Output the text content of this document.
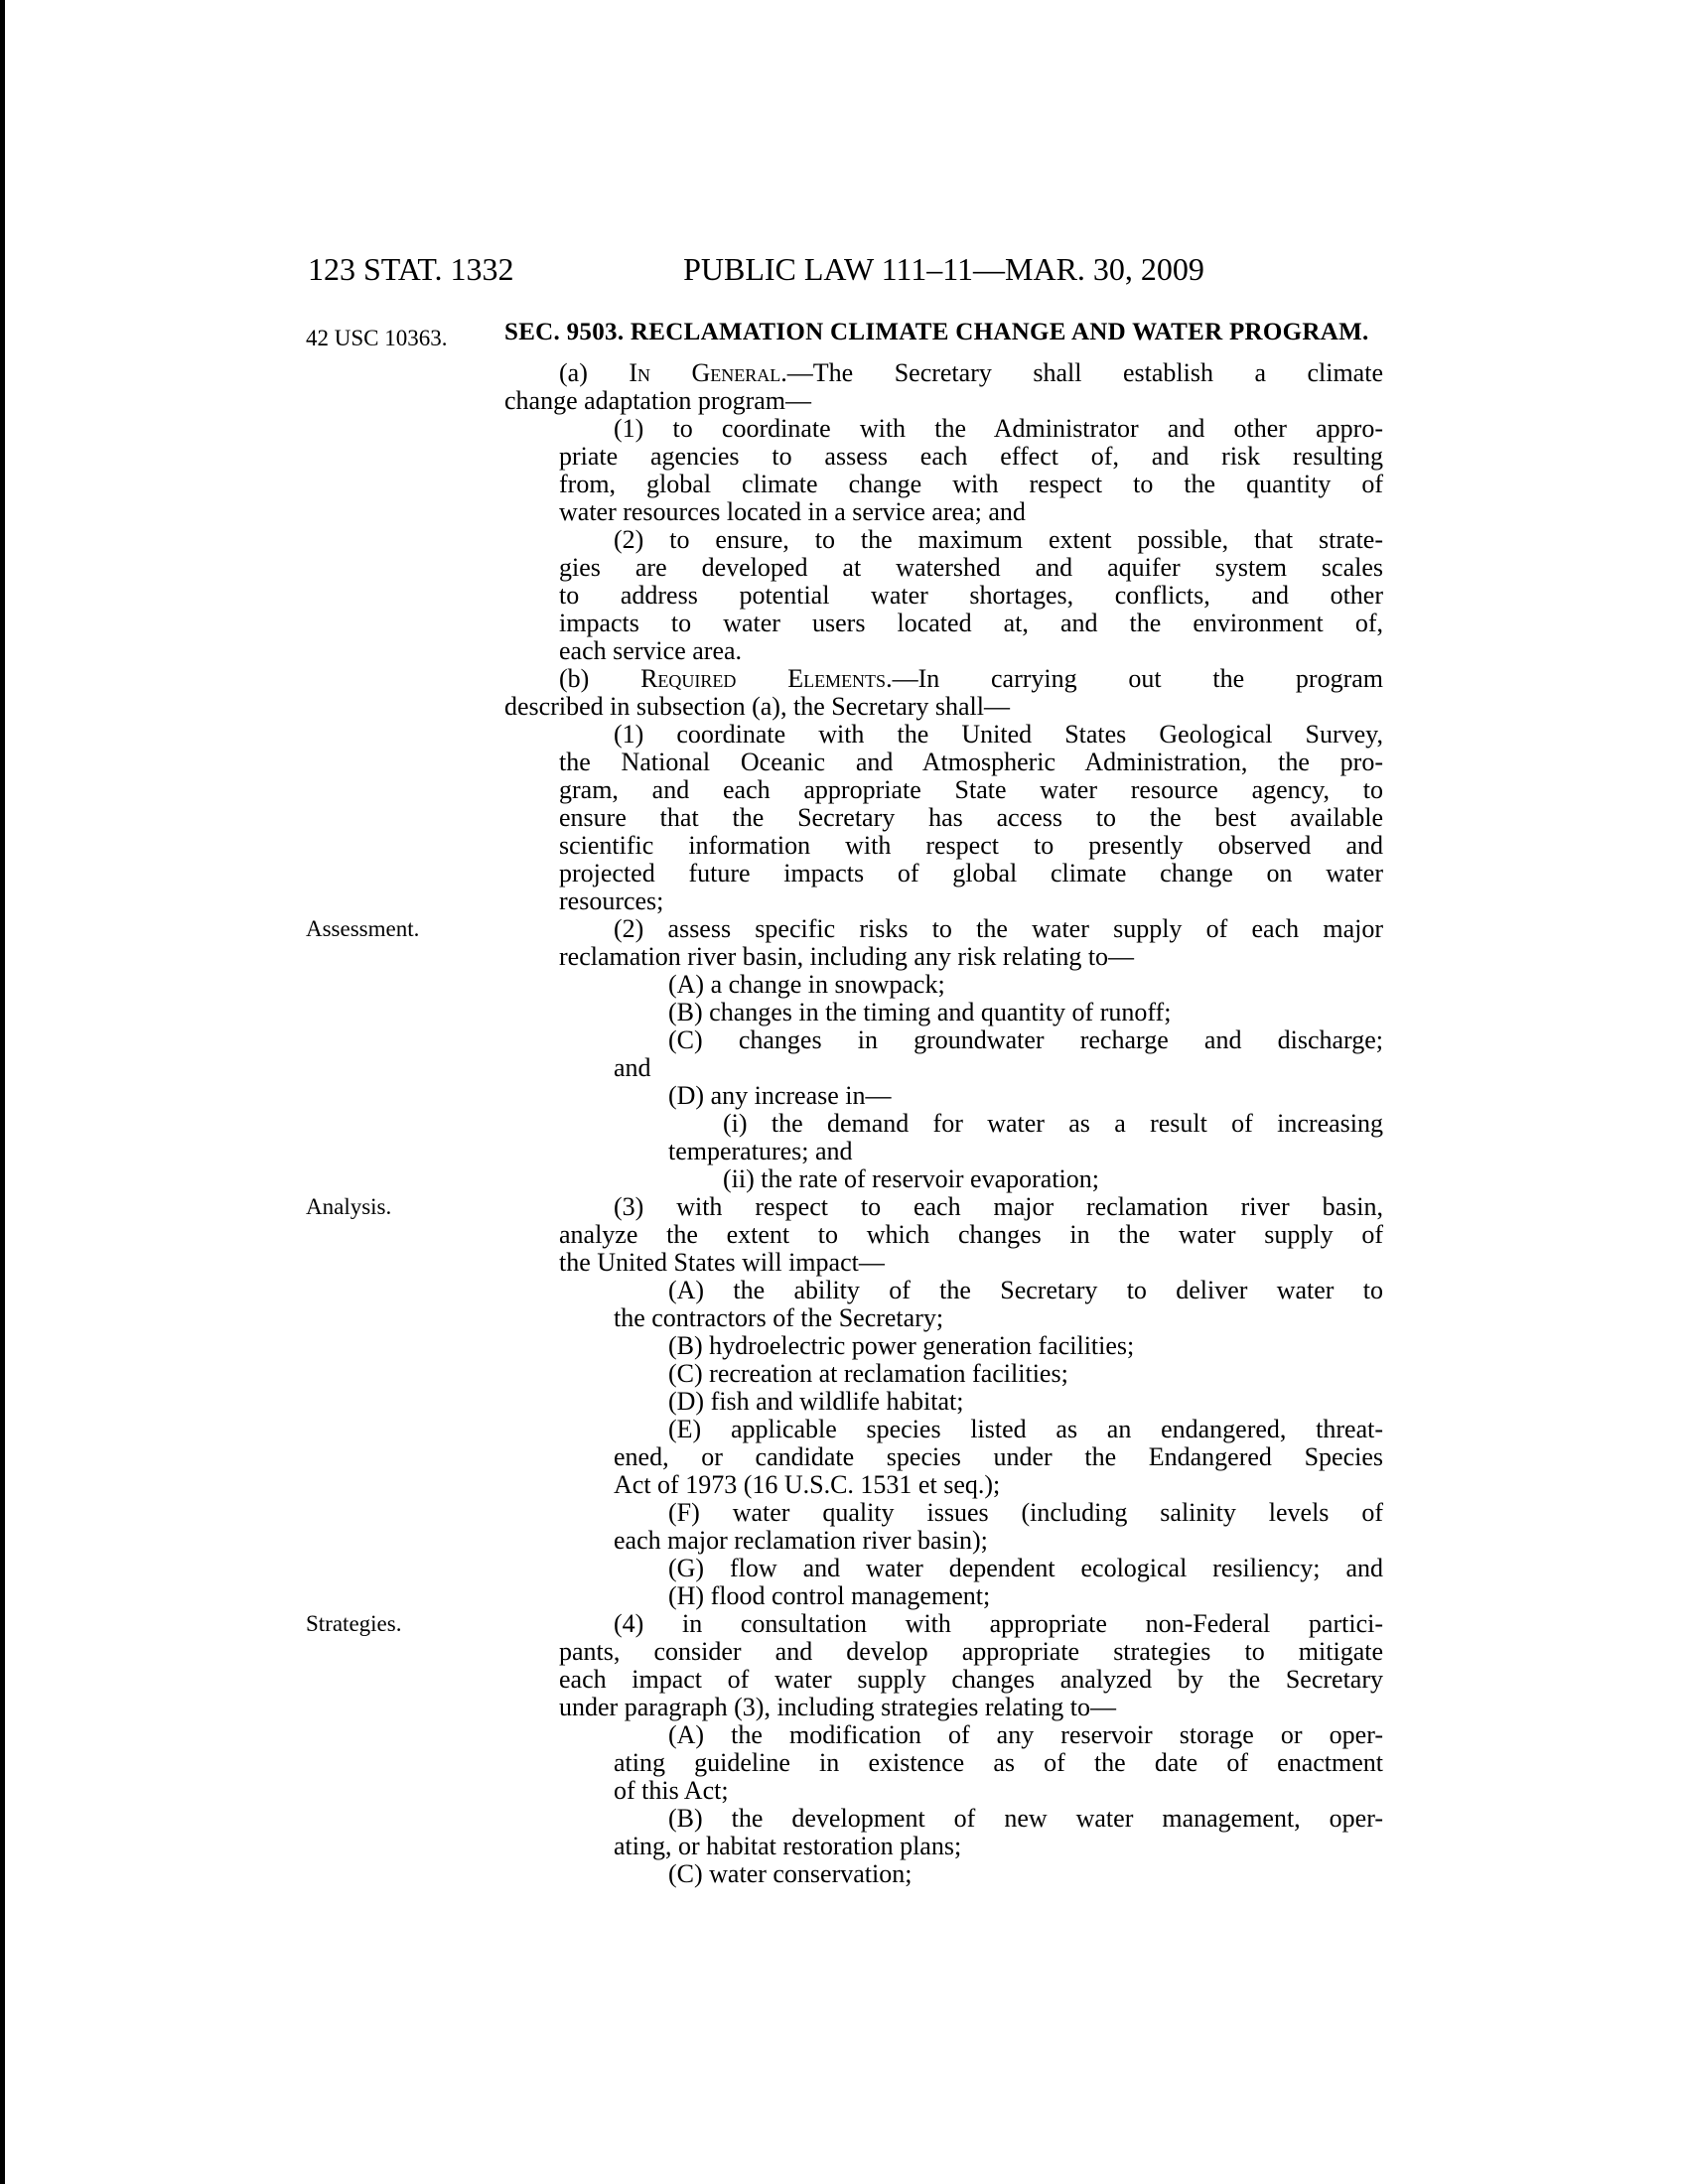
123 STAT. 1332	PUBLIC LAW 111–11—MAR. 30, 2009
42 USC 10363.
Assessment.
Analysis.
Strategies.
SEC. 9503. RECLAMATION CLIMATE CHANGE AND WATER PROGRAM.
(a) In General.—The Secretary shall establish a climate
change adaptation program—
(1) to coordinate with the Administrator and other appro-
priate agencies to assess each effect of, and risk resulting
from, global climate change with respect to the quantity of
water resources located in a service area; and
(2) to ensure, to the maximum extent possible, that strate-
gies are developed at watershed and aquifer system scales
to address potential water shortages, conflicts, and other
impacts to water users located at, and the environment of,
each service area.
(b) Required Elements.—In carrying out the program
described in subsection (a), the Secretary shall—
(1) coordinate with the United States Geological Survey,
the National Oceanic and Atmospheric Administration, the pro-
gram, and each appropriate State water resource agency, to
ensure that the Secretary has access to the best available
scientific information with respect to presently observed and
projected future impacts of global climate change on water
resources;
(2) assess specific risks to the water supply of each major
reclamation river basin, including any risk relating to—
(A) a change in snowpack;
(B) changes in the timing and quantity of runoff;
(C) changes in groundwater recharge and discharge;
and
(D) any increase in—
(i) the demand for water as a result of increasing
temperatures; and
(ii) the rate of reservoir evaporation;
(3) with respect to each major reclamation river basin,
analyze the extent to which changes in the water supply of
the United States will impact—
(A) the ability of the Secretary to deliver water to
the contractors of the Secretary;
(B) hydroelectric power generation facilities;
(C) recreation at reclamation facilities;
(D) fish and wildlife habitat;
(E) applicable species listed as an endangered, threat-
ened, or candidate species under the Endangered Species
Act of 1973 (16 U.S.C. 1531 et seq.);
(F) water quality issues (including salinity levels of
each major reclamation river basin);
(G) flow and water dependent ecological resiliency; and
(H) flood control management;
(4) in consultation with appropriate non-Federal partici-
pants, consider and develop appropriate strategies to mitigate
each impact of water supply changes analyzed by the Secretary
under paragraph (3), including strategies relating to—
(A) the modification of any reservoir storage or oper-
ating guideline in existence as of the date of enactment
of this Act;
(B) the development of new water management, oper-
ating, or habitat restoration plans;
(C) water conservation;
